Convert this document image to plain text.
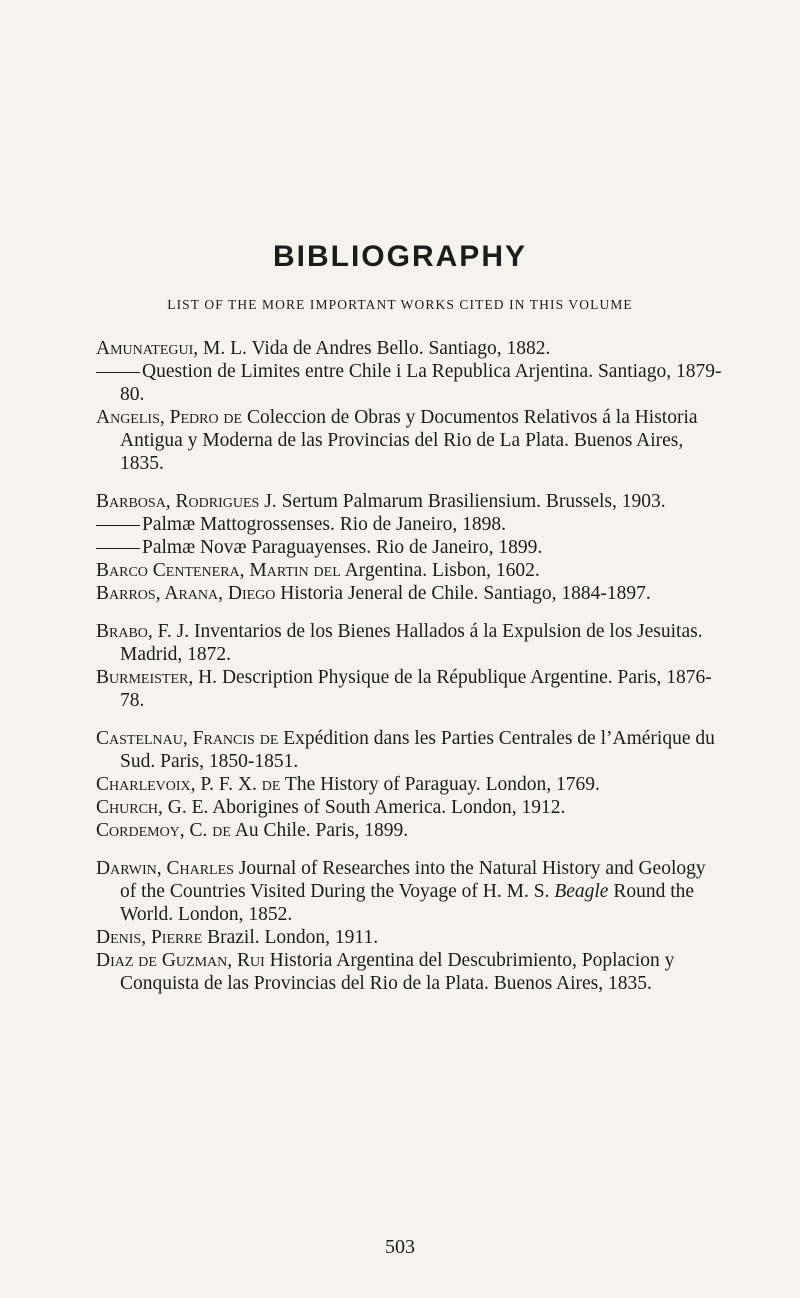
BIBLIOGRAPHY
LIST OF THE MORE IMPORTANT WORKS CITED IN THIS VOLUME

Amunategui, M. L. Vida de Andres Bello. Santiago, 1882.

Question de Limites entre Chile i La Republica Arjentina. Santiago, 1879-80.

Angelis, Pedro de Coleccion de Obras y Documentos Relativos á la Historia Antigua y Moderna de las Provincias del Rio de La Plata. Buenos Aires, 1835.

Barbosa, Rodrigues J. Sertum Palmarum Brasiliensium. Brussels, 1903.

Palmæ Mattogrossenses. Rio de Janeiro, 1898.

Palmæ Novæ Paraguayenses. Rio de Janeiro, 1899.

Barco Centenera, Martin del Argentina. Lisbon, 1602.

Barros, Arana, Diego Historia Jeneral de Chile. Santiago, 1884-1897.

Brabo, F. J. Inventarios de los Bienes Hallados á la Expulsion de los Jesuitas. Madrid, 1872.

Burmeister, H. Description Physique de la République Argentine. Paris, 1876-78.

Castelnau, Francis de Expédition dans les Parties Centrales de l’Amérique du Sud. Paris, 1850-1851.

Charlevoix, P. F. X. de The History of Paraguay. London, 1769.

Church, G. E. Aborigines of South America. London, 1912.

Cordemoy, C. de Au Chile. Paris, 1899.

Darwin, Charles Journal of Researches into the Natural History and Geology of the Countries Visited During the Voyage of H. M. S. Beagle Round the World. London, 1852.

Denis, Pierre Brazil. London, 1911.

Diaz de Guzman, Rui Historia Argentina del Descubrimiento, Poplacion y Conquista de las Provincias del Rio de la Plata. Buenos Aires, 1835.

503
